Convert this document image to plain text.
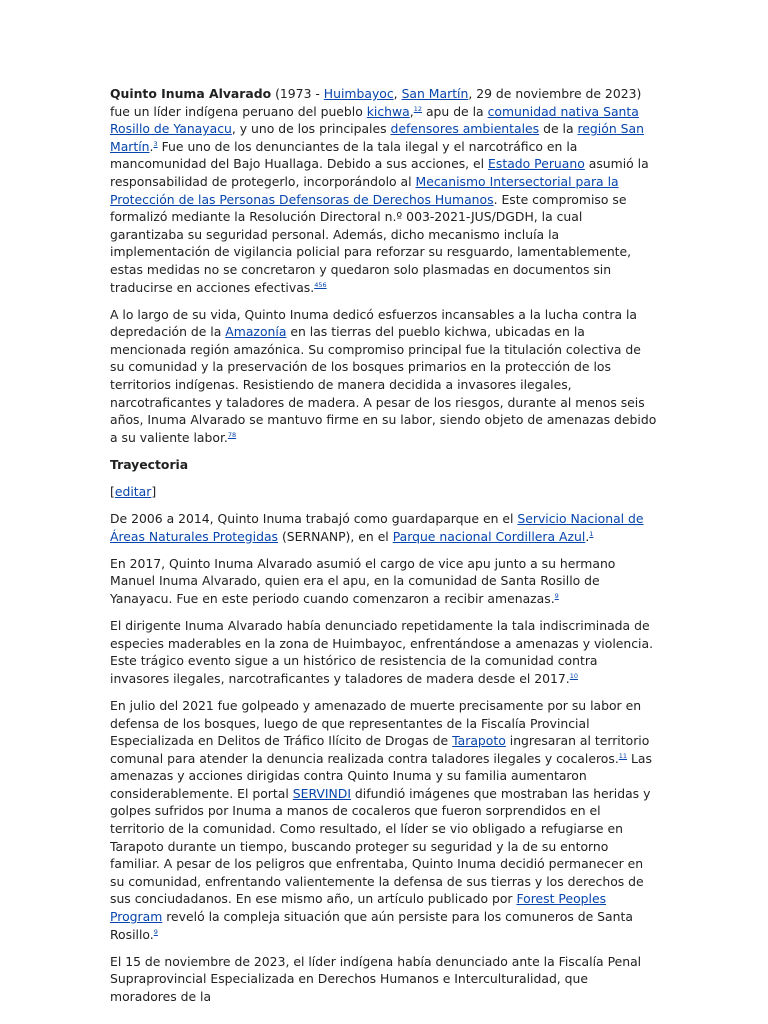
Quinto Inuma Alvarado (1973 - Huimbayoc, San Martín, 29 de noviembre de 2023) fue un líder indígena peruano del pueblo kichwa,$^{12}$ apu de la comunidad nativa Santa Rosillo de Yanayacu, y uno de los principales defensores ambientales de la región San Martín.$^3$ Fue uno de los denunciantes de la tala ilegal y el narcotráfico en la mancomunidad del Bajo Huallaga. Debido a sus acciones, el Estado Peruano asumió la responsabilidad de protegerlo, incorporándolo al Mecanismo Intersectorial para la Protección de las Personas Defensoras de Derechos Humanos. Este compromiso se formalizó mediante la Resolución Directoral n.º 003-2021-JUS/DGDH, la cual garantizaba su seguridad personal. Además, dicho mecanismo incluía la implementación de vigilancia policial para reforzar su resguardo, lamentablemente, estas medidas no se concretaron y quedaron solo plasmadas en documentos sin traducirse en acciones efectivas.$^{456}$

A lo largo de su vida, Quinto Inuma dedicó esfuerzos incansables a la lucha contra la depredación de la Amazonía en las tierras del pueblo kichwa, ubicadas en la mencionada región amazónica. Su compromiso principal fue la titulación colectiva de su comunidad y la preservación de los bosques primarios en la protección de los territorios indígenas. Resistiendo de manera decidida a invasores ilegales, narcotraficantes y taladores de madera. A pesar de los riesgos, durante al menos seis años, Inuma Alvarado se mantuvo firme en su labor, siendo objeto de amenazas debido a su valiente labor.$^{78}$

Trayectoria

[editar]

De 2006 a 2014, Quinto Inuma trabajó como guardaparque en el Servicio Nacional de Áreas Naturales Protegidas (SERNANP), en el Parque nacional Cordillera Azul.$^1$

En 2017, Quinto Inuma Alvarado asumió el cargo de vice apu junto a su hermano Manuel Inuma Alvarado, quien era el apu, en la comunidad de Santa Rosillo de Yanayacu. Fue en este periodo cuando comenzaron a recibir amenazas.$^9$

El dirigente Inuma Alvarado había denunciado repetidamente la tala indiscriminada de especies maderables en la zona de Huimbayoc, enfrentándose a amenazas y violencia. Este trágico evento sigue a un histórico de resistencia de la comunidad contra invasores ilegales, narcotraficantes y taladores de madera desde el 2017.10

En julio del 2021 fue golpeado y amenazado de muerte precisamente por su labor en defensa de los bosques, luego de que representantes de la Fiscalía Provincial Especializada en Delitos de Tráfico Ilícito de Drogas de Tarapoto ingresaran al territorio comunal para atender la denuncia realizada contra taladores ilegales y cocaleros.$^{11}$ Las amenazas y acciones dirigidas contra Quinto Inuma y su familia aumentaron considerablemente. El portal SERVINDI difundió imágenes que mostraban las heridas y golpes sufridos por Inuma a manos de cocaleros que fueron sorprendidos en el territorio de la comunidad. Como resultado, el líder se vio obligado a refugiarse en Tarapoto durante un tiempo, buscando proteger su seguridad y la de su entorno familiar. A pesar de los peligros que enfrentaba, Quinto Inuma decidió permanecer en su comunidad, enfrentando valientemente la defensa de sus tierras y los derechos de sus conciudadanos. En ese mismo año, un artículo publicado por Forest Peoples Program reveló la compleja situación que aún persiste para los comuneros de Santa Rosillo.$^9$

El 15 de noviembre de 2023, el líder indígena había denunciado ante la Fiscalía Penal Supraprovincial Especializada en Derechos Humanos e Interculturalidad, que moradores de la
